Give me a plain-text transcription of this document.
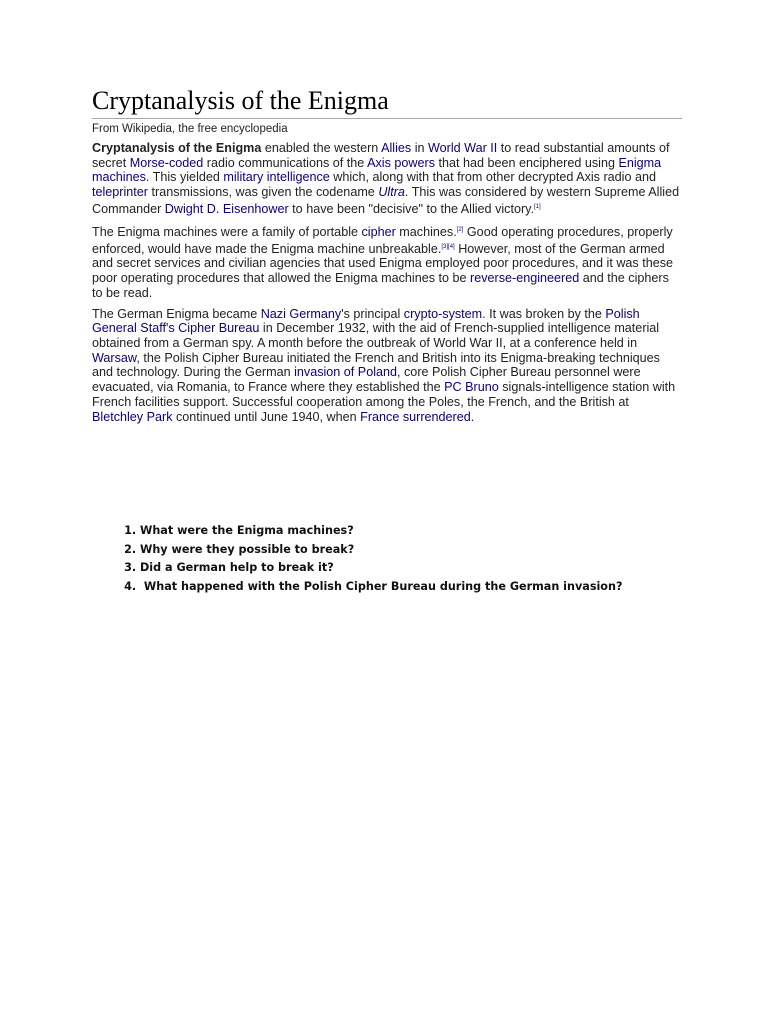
Cryptanalysis of the Enigma
From Wikipedia, the free encyclopedia

Cryptanalysis of the Enigma enabled the western Allies in World War II to read substantial amounts of secret Morse-coded radio communications of the Axis powers that had been enciphered using Enigma machines. This yielded military intelligence which, along with that from other decrypted Axis radio and teleprinter transmissions, was given the codename Ultra. This was considered by western Supreme Allied Commander Dwight D. Eisenhower to have been "decisive" to the Allied victory.[1]

The Enigma machines were a family of portable cipher machines.[2] Good operating procedures, properly enforced, would have made the Enigma machine unbreakable.[3][4] However, most of the German armed and secret services and civilian agencies that used Enigma employed poor procedures, and it was these poor operating procedures that allowed the Enigma machines to be reverse-engineered and the ciphers to be read.

The German Enigma became Nazi Germany's principal crypto-system. It was broken by the Polish General Staff's Cipher Bureau in December 1932, with the aid of French-supplied intelligence material obtained from a German spy. A month before the outbreak of World War II, at a conference held in Warsaw, the Polish Cipher Bureau initiated the French and British into its Enigma-breaking techniques and technology. During the German invasion of Poland, core Polish Cipher Bureau personnel were evacuated, via Romania, to France where they established the PC Bruno signals-intelligence station with French facilities support. Successful cooperation among the Poles, the French, and the British at Bletchley Park continued until June 1940, when France surrendered.

1. What were the Enigma machines?
2. Why were they possible to break?
3. Did a German help to break it?
4.  What happened with the Polish Cipher Bureau during the German invasion?
